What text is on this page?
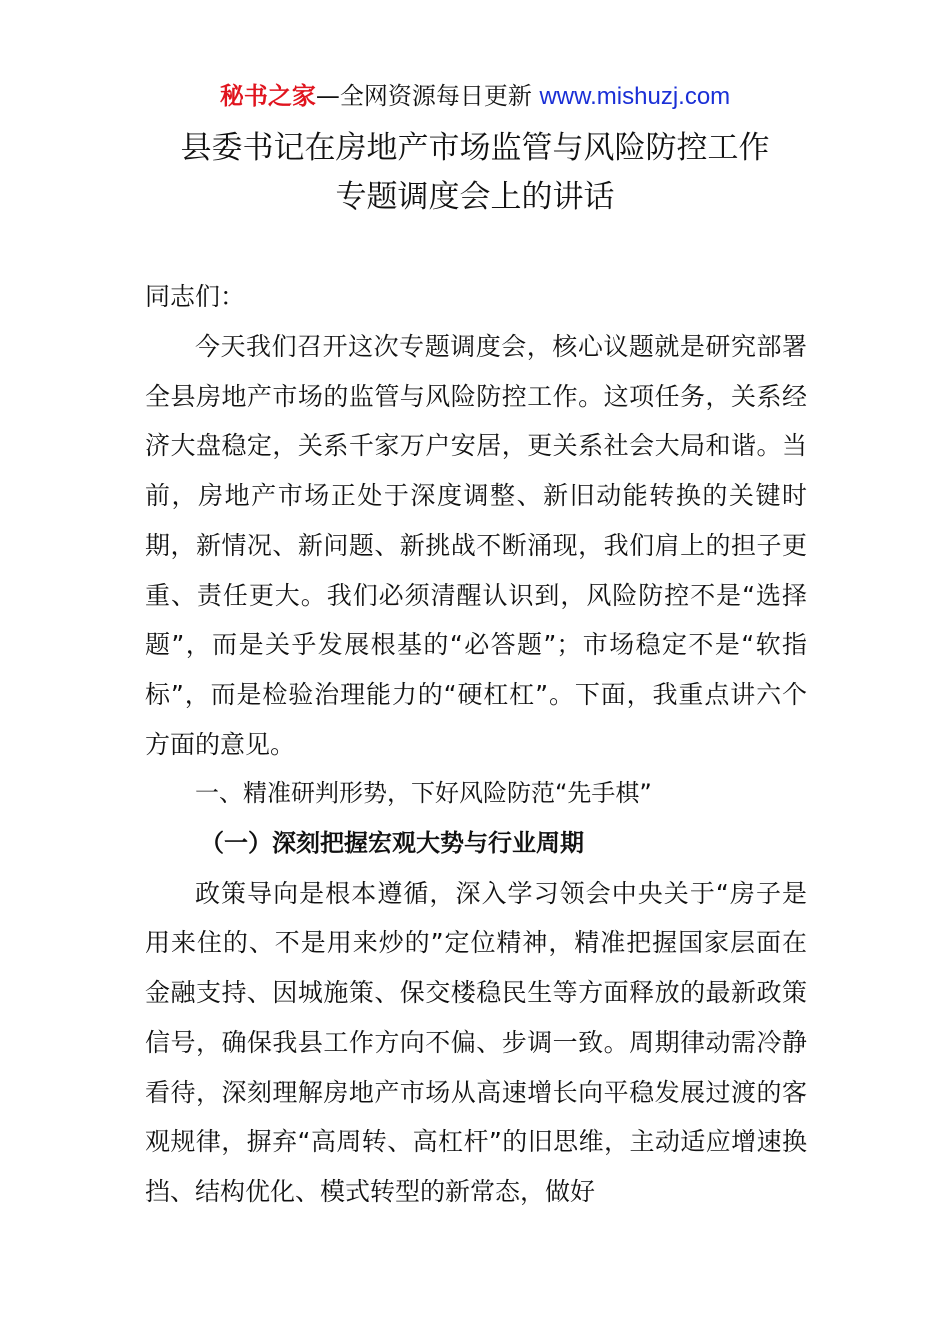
秘书之家—全网资源每日更新 www.mishuzj.com
县委书记在房地产市场监管与风险防控工作
专题调度会上的讲话
同志们：

今天我们召开这次专题调度会，核心议题就是研究部署全县房地产市场的监管与风险防控工作。这项任务，关系经济大盘稳定，关系千家万户安居，更关系社会大局和谐。当前，房地产市场正处于深度调整、新旧动能转换的关键时期，新情况、新问题、新挑战不断涌现，我们肩上的担子更重、责任更大。我们必须清醒认识到，风险防控不是“选择题”，而是关乎发展根基的“必答题”；市场稳定不是“软指标”，而是检验治理能力的“硬杠杠”。下面，我重点讲六个方面的意见。

一、精准研判形势，下好风险防范“先手棋”

（一）深刻把握宏观大势与行业周期

政策导向是根本遵循，深入学习领会中央关于“房子是用来住的、不是用来炒的”定位精神，精准把握国家层面在金融支持、因城施策、保交楼稳民生等方面释放的最新政策信号，确保我县工作方向不偏、步调一致。周期律动需冷静看待，深刻理解房地产市场从高速增长向平稳发展过渡的客观规律，摒弃“高周转、高杠杆”的旧思维，主动适应增速换挡、结构优化、模式转型的新常态，做好
